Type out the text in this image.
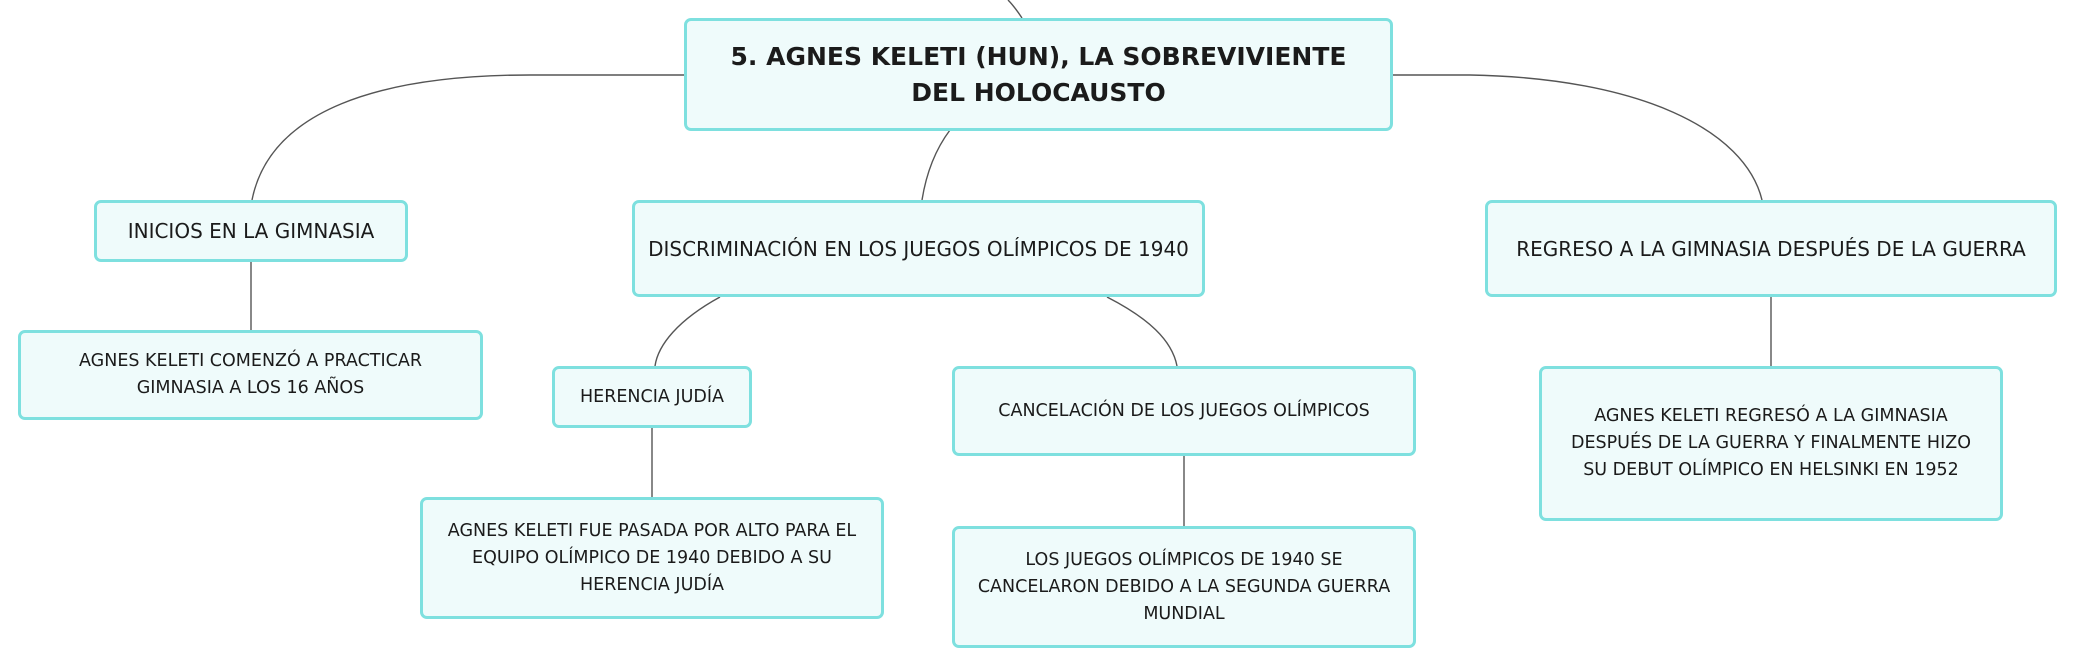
5. AGNES KELETI (HUN), LA SOBREVIVIENTE DEL HOLOCAUSTO
INICIOS EN LA GIMNASIA
DISCRIMINACIÓN EN LOS JUEGOS OLÍMPICOS DE 1940	REGRESO A LA GIMNASIA DESPUÉS DE LA GUERRA
AGNES KELETI COMENZÓ A PRACTICAR GIMNASIA A LOS 16 AÑOS	HERENCIA JUDÍA
CANCELACIÓN DE LOS JUEGOS OLÍMPICOS
AGNES KELETI FUE PASADA POR ALTO PARA EL EQUIPO OLÍMPICO DE 1940 DEBIDO A SU HERENCIA JUDÍA
LOS JUEGOS OLÍMPICOS DE 1940 SE CANCELARON DEBIDO A LA SEGUNDA GUERRA MUNDIAL
AGNES KELETI REGRESÓ A LA GIMNASIA DESPUÉS DE LA GUERRA Y FINALMENTE HIZO SU DEBUT OLÍMPICO EN HELSINKI EN 1952
